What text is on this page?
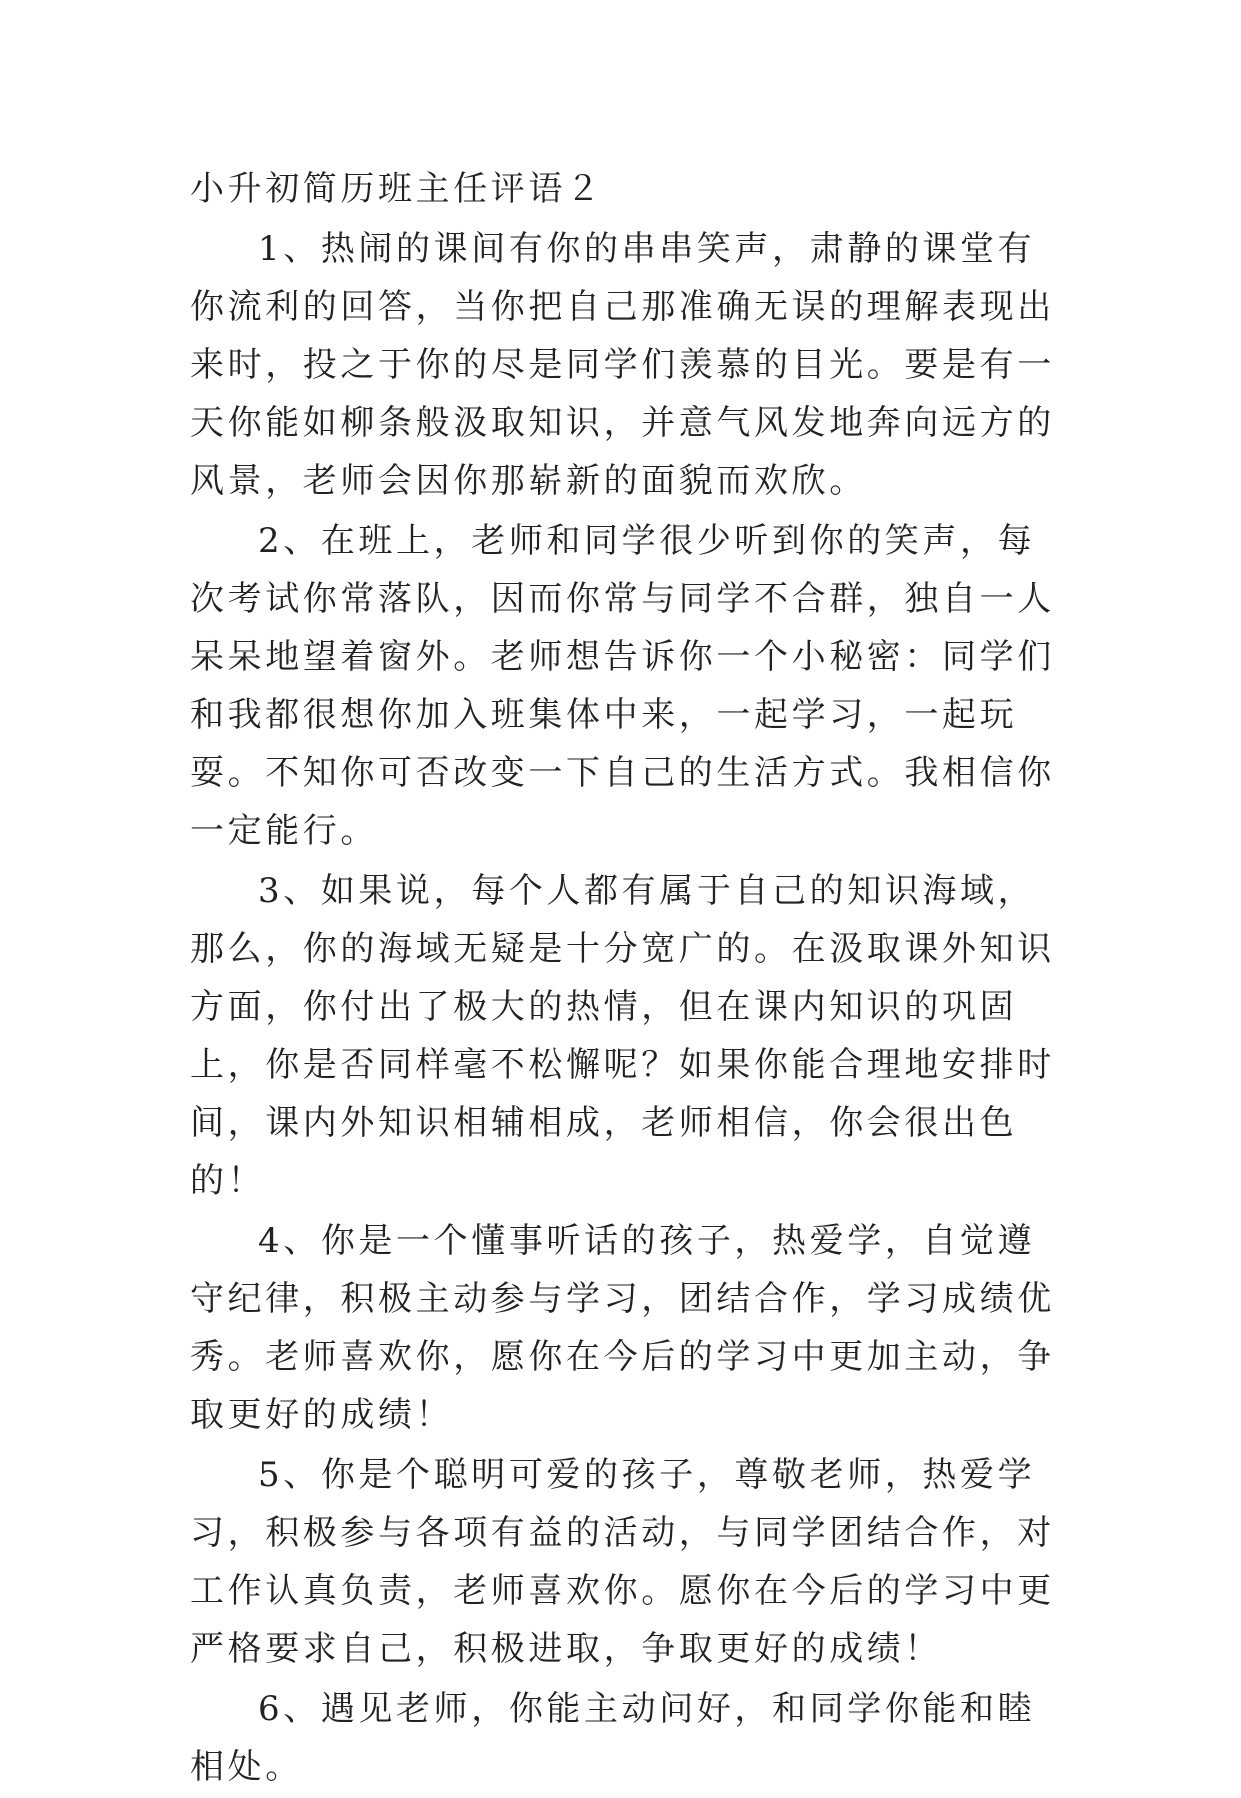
小升初简历班主任评语２

1、热闹的课间有你的串串笑声，肃静的课堂有你流利的回答，当你把自己那准确无误的理解表现出来时，投之于你的尽是同学们羡慕的目光。要是有一天你能如柳条般汲取知识，并意气风发地奔向远方的风景，老师会因你那崭新的面貌而欢欣。

2、在班上，老师和同学很少听到你的笑声，每次考试你常落队，因而你常与同学不合群，独自一人呆呆地望着窗外。老师想告诉你一个小秘密：同学们和我都很想你加入班集体中来，一起学习，一起玩耍。不知你可否改变一下自己的生活方式。我相信你一定能行。

3、如果说，每个人都有属于自己的知识海域，那么，你的海域无疑是十分宽广的。在汲取课外知识方面，你付出了极大的热情，但在课内知识的巩固上，你是否同样毫不松懈呢？如果你能合理地安排时间，课内外知识相辅相成，老师相信，你会很出色的！

4、你是一个懂事听话的孩子，热爱学，自觉遵守纪律，积极主动参与学习，团结合作，学习成绩优秀。老师喜欢你，愿你在今后的学习中更加主动，争取更好的成绩！

5、你是个聪明可爱的孩子，尊敬老师，热爱学习，积极参与各项有益的活动，与同学团结合作，对工作认真负责，老师喜欢你。愿你在今后的学习中更严格要求自己，积极进取，争取更好的成绩！

6、遇见老师，你能主动问好，和同学你能和睦相处。
